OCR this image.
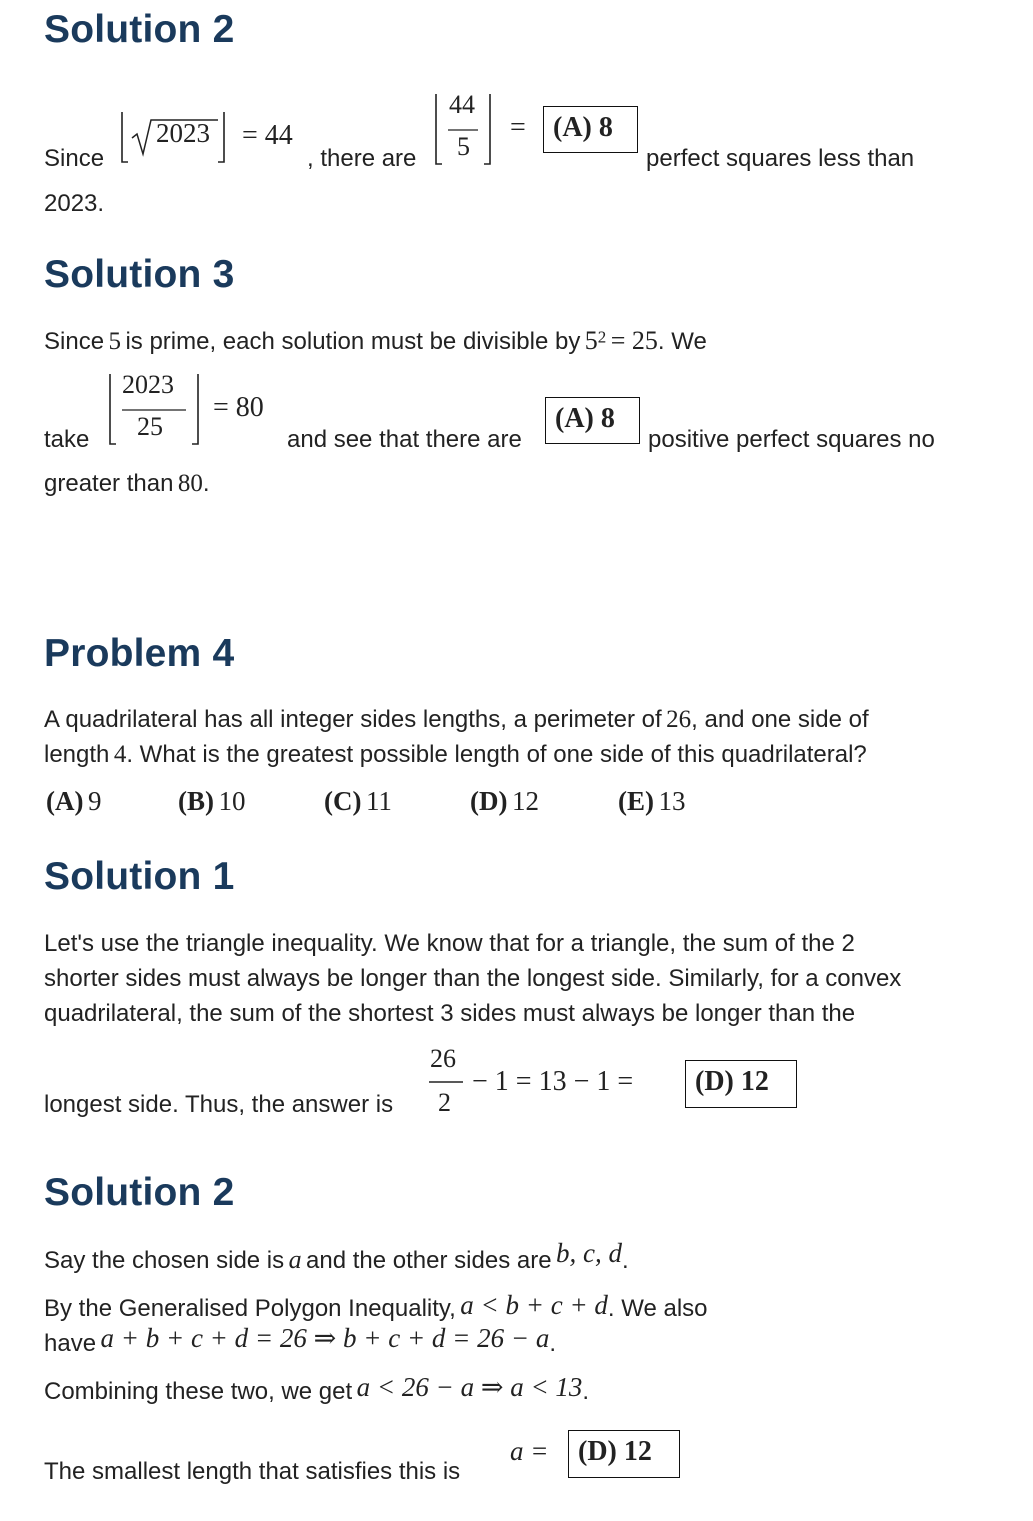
Solution 2
Since
2023 = 44
, there are
44
5
= (A) 8
perfect squares less than
2023.
Solution 3
Since 5 is prime, each solution must be divisible by $5^2 = 25$. We
take
2023
25
= 80
and see that there are
(A) 8
positive perfect squares no
greater than 80.
Problem 4
A quadrilateral has all integer sides lengths, a perimeter of 26, and one side of
length 4. What is the greatest possible length of one side of this quadrilateral?
(A) 9	(B) 10	(C) 11	(D) 12	(E) 13
Solution 1
Let's use the triangle inequality. We know that for a triangle, the sum of the 2
shorter sides must always be longer than the longest side. Similarly, for a convex
quadrilateral, the sum of the shortest 3 sides must always be longer than the
longest side. Thus, the answer is
26
2
− 1 = 13 − 1 = (D) 12
Solution 2
Say the chosen side is a and the other sides are b, c, d.
By the Generalised Polygon Inequality, a < b + c + d. We also
have a + b + c + d = 26 ⇒ b + c + d = 26 − a.
Combining these two, we get a < 26 − a ⇒ a < 13.
The smallest length that satisfies this is
a = (D) 12
